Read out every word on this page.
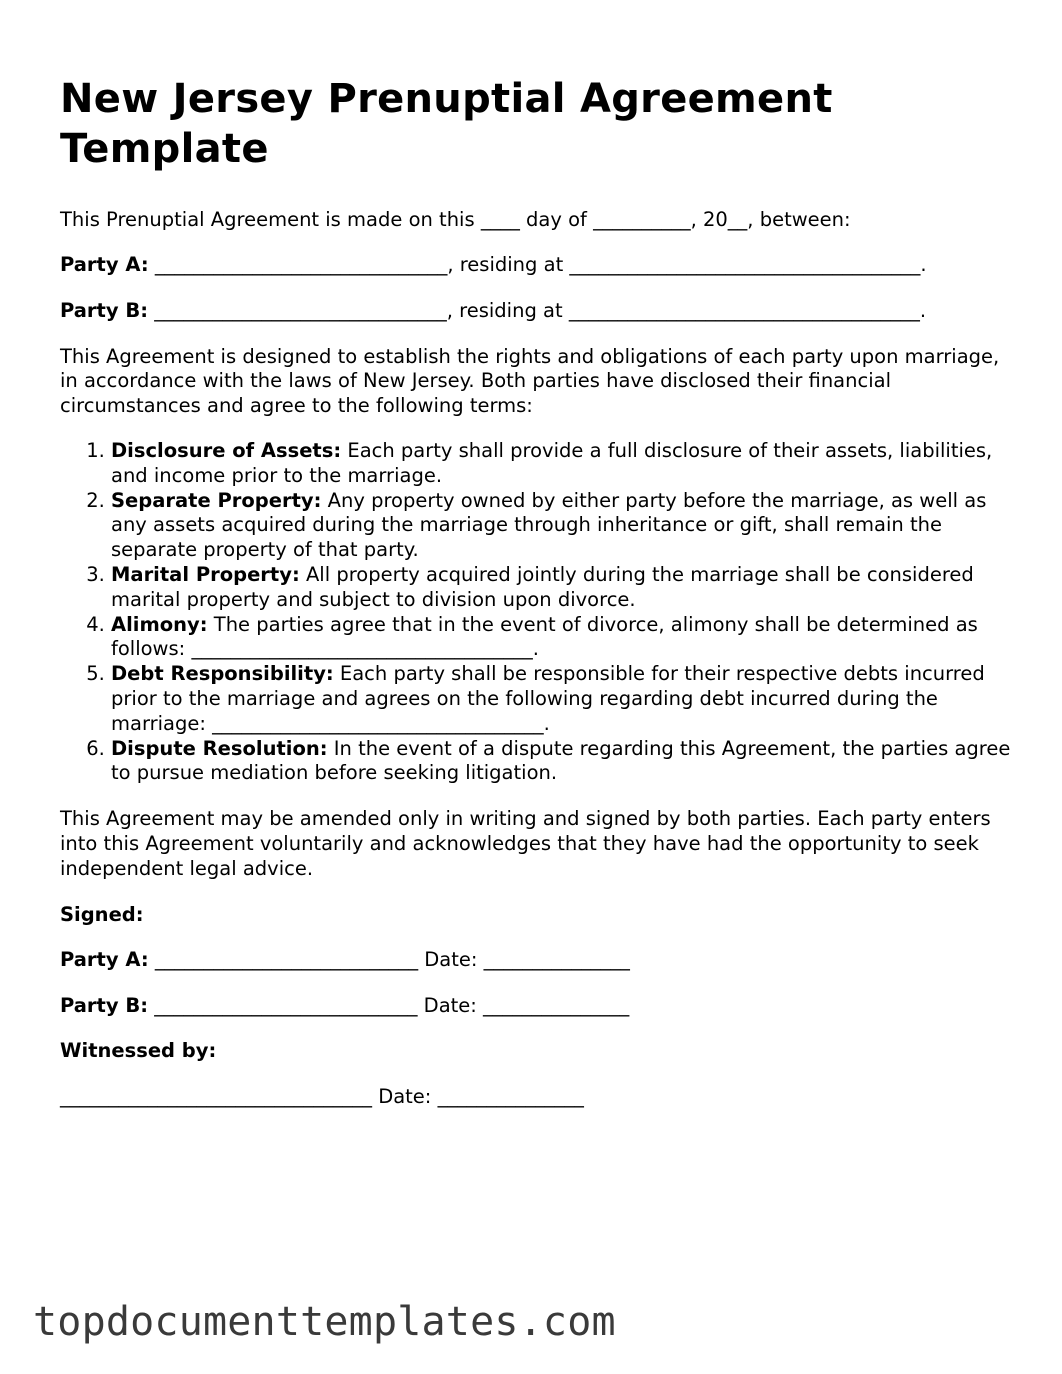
New Jersey Prenuptial Agreement Template

This Prenuptial Agreement is made on this ____ day of __________, 20__, between:

Party A: ______________________________, residing at ____________________________________.

Party B: ______________________________, residing at ____________________________________.

This Agreement is designed to establish the rights and obligations of each party upon marriage, in accordance with the laws of New Jersey. Both parties have disclosed their financial circumstances and agree to the following terms:

1. Disclosure of Assets: Each party shall provide a full disclosure of their assets, liabilities, and income prior to the marriage.
2. Separate Property: Any property owned by either party before the marriage, as well as any assets acquired during the marriage through inheritance or gift, shall remain the separate property of that party.
3. Marital Property: All property acquired jointly during the marriage shall be considered marital property and subject to division upon divorce.
4. Alimony: The parties agree that in the event of divorce, alimony shall be determined as follows: ___________________________________.
5. Debt Responsibility: Each party shall be responsible for their respective debts incurred prior to the marriage and agrees on the following regarding debt incurred during the marriage: __________________________________.
6. Dispute Resolution: In the event of a dispute regarding this Agreement, the parties agree to pursue mediation before seeking litigation.

This Agreement may be amended only in writing and signed by both parties. Each party enters into this Agreement voluntarily and acknowledges that they have had the opportunity to seek independent legal advice.

Signed:

Party A: ___________________________ Date: _______________

Party B: ___________________________ Date: _______________

Witnessed by:

________________________________ Date: _______________

topdocumenttemplates.com
